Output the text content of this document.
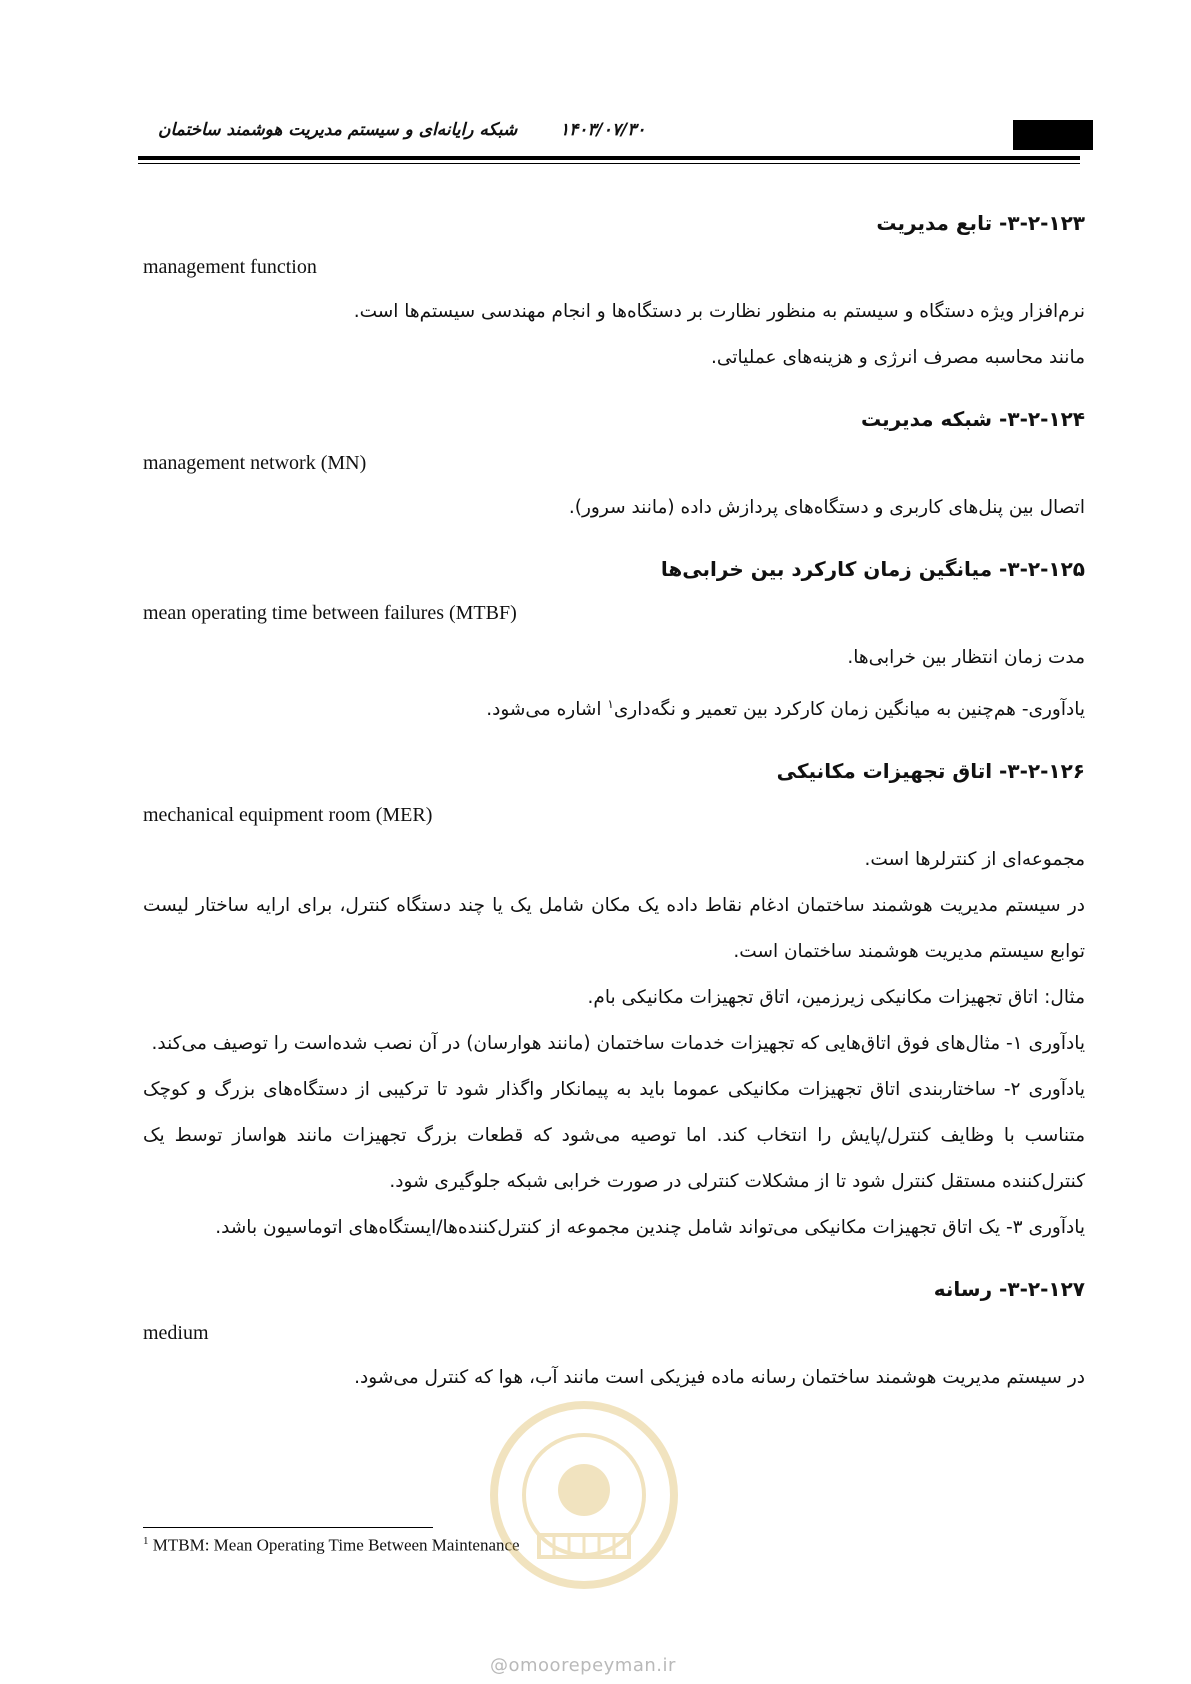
شبکه رایانه‌ای و سیستم مدیریت هوشمند ساختمان	۱۴۰۳/۰۷/۳۰
۳-۲-۱۲۳- تابع مدیریت
management function

نرم‌افزار ویژه دستگاه و سیستم به منظور نظارت بر دستگاه‌ها و انجام مهندسی سیستم‌ها است.

مانند محاسبه مصرف انرژی و هزینه‌های عملیاتی.

۳-۲-۱۲۴- شبکه مدیریت
management network (MN)

اتصال بین پنل‌های کاربری و دستگاه‌های پردازش داده (مانند سرور).

۳-۲-۱۲۵- میانگین زمان کارکرد بین خرابی‌ها
mean operating time between failures (MTBF)

مدت زمان انتظار بین خرابی‌ها.

یادآوری- هم‌چنین به میانگین زمان کارکرد بین تعمیر و نگه‌داری$^۱$ اشاره می‌شود.

۳-۲-۱۲۶- اتاق تجهیزات مکانیکی
mechanical equipment room (MER)

مجموعه‌ای از کنترلرها است.

در سیستم مدیریت هوشمند ساختمان ادغام نقاط داده یک مکان شامل یک یا چند دستگاه کنترل، برای ارایه ساختار لیست توابع سیستم مدیریت هوشمند ساختمان است.

مثال: اتاق تجهیزات مکانیکی زیرزمین، اتاق تجهیزات مکانیکی بام.

یادآوری ۱- مثال‌های فوق اتاق‌هایی که تجهیزات خدمات ساختمان (مانند هوارسان) در آن نصب شده‌است را توصیف می‌کند.

یادآوری ۲- ساختاربندی اتاق تجهیزات مکانیکی عموما باید به پیمانکار واگذار شود تا ترکیبی از دستگاه‌های بزرگ و کوچک متناسب با وظایف کنترل/پایش را انتخاب کند. اما توصیه می‌شود که قطعات بزرگ تجهیزات مانند هواساز توسط یک کنترل‌کننده مستقل کنترل شود تا از مشکلات کنترلی در صورت خرابی شبکه جلوگیری شود.

یادآوری ۳- یک اتاق تجهیزات مکانیکی می‌تواند شامل چندین مجموعه از کنترل‌کننده‌ها/ایستگاه‌های اتوماسیون باشد.

۳-۲-۱۲۷- رسانه
medium

در سیستم مدیریت هوشمند ساختمان رسانه ماده فیزیکی است مانند آب، هوا که کنترل می‌شود.

$^1$ MTBM: Mean Operating Time Between Maintenance
@omoorepeyman.ir
